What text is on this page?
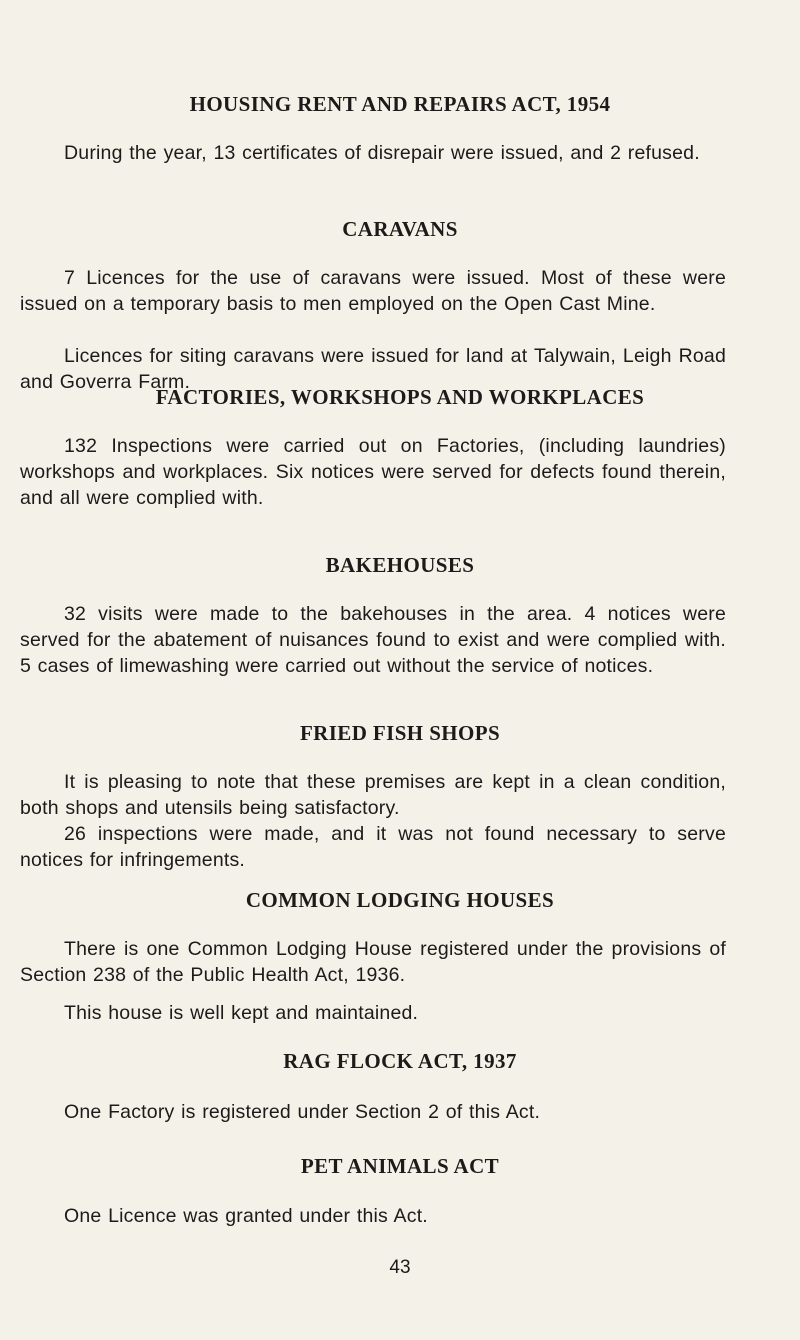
HOUSING RENT AND REPAIRS ACT, 1954

During the year, 13 certificates of disrepair were issued, and 2 refused.

CARAVANS

7 Licences for the use of caravans were issued. Most of these were issued on a temporary basis to men employed on the Open Cast Mine.

Licences for siting caravans were issued for land at Talywain, Leigh Road and Goverra Farm.

FACTORIES, WORKSHOPS AND WORKPLACES

132 Inspections were carried out on Factories, (including laundries) workshops and workplaces. Six notices were served for defects found therein, and all were complied with.

BAKEHOUSES

32 visits were made to the bakehouses in the area. 4 notices were served for the abatement of nuisances found to exist and were complied with. 5 cases of limewashing were carried out without the service of notices.

FRIED FISH SHOPS

It is pleasing to note that these premises are kept in a clean condition, both shops and utensils being satisfactory.

26 inspections were made, and it was not found necessary to serve notices for infringements.

COMMON LODGING HOUSES

There is one Common Lodging House registered under the provisions of Section 238 of the Public Health Act, 1936.

This house is well kept and maintained.

RAG FLOCK ACT, 1937

One Factory is registered under Section 2 of this Act.

PET ANIMALS ACT

One Licence was granted under this Act.

43
